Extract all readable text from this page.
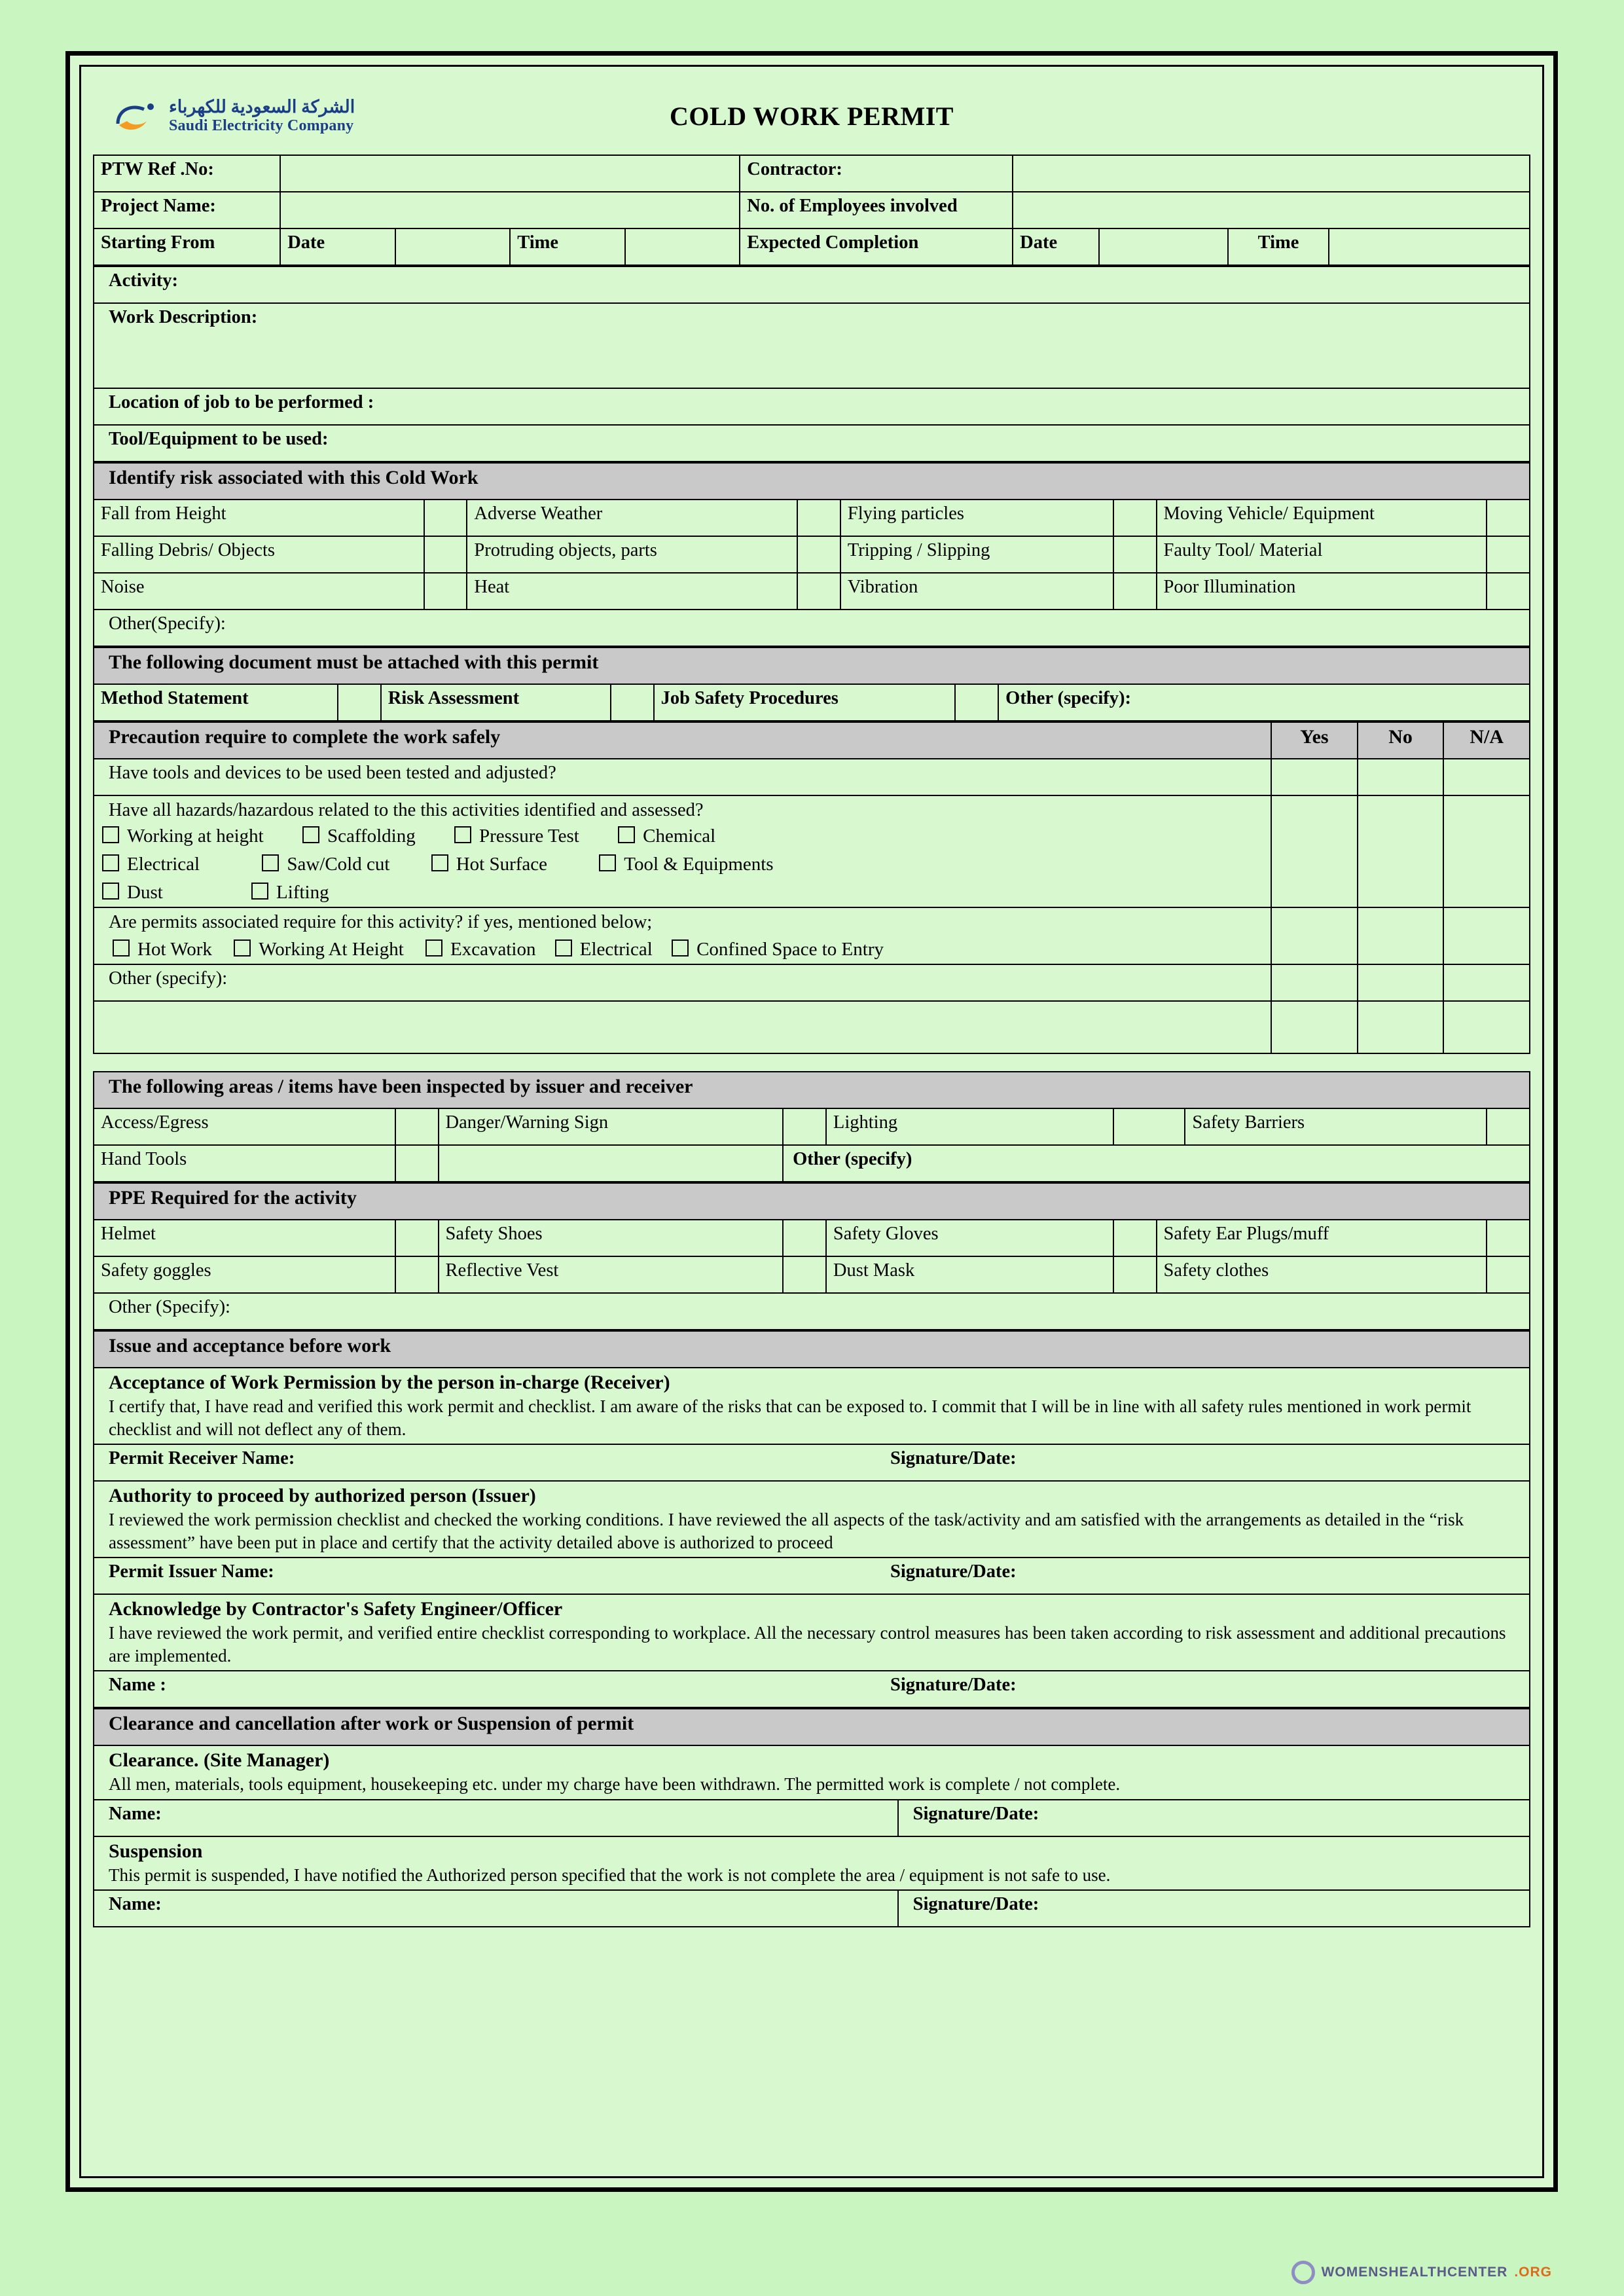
الشركة السعودية للكهرباء
Saudi Electricity Company	COLD WORK PERMIT
PTW Ref .No:					Contractor:				
Project Name:					No. of Employees involved				
Starting From	Date		Time		Expected Completion	Date		Time	
Activity:
Work Description:
Location of job to be performed :
Tool/Equipment to be used:
Identify risk associated with this Cold Work							
Fall from Height		Adverse Weather		Flying particles		Moving Vehicle/ Equipment	
Falling Debris/ Objects		Protruding objects, parts		Tripping / Slipping		Faulty Tool/ Material	
Noise		Heat		Vibration		Poor Illumination	
Other(Specify):							
The following document must be attached with this permit
Method Statement		Risk Assessment		Job Safety Procedures		Other (specify):
Precaution require to complete the work safely	Yes	No	N/A
Have tools and devices to be used been tested and adjusted?			

Have all hazards/hazardous related to the this activities identified and assessed?
Working at height Scaffolding Pressure Test Chemical
Electrical Saw/Cold cut Hot Surface Tool & Equipments
Dust Lifting			

Are permits associated require for this activity? if yes, mentioned below;
Hot Work Working At Height Excavation Electrical Confined Space to Entry			

Other (specify):			

The following areas / items have been inspected by issuer and receiver							
Access/Egress		Danger/Warning Sign		Lighting		Safety Barriers	
Hand Tools			Other (specify)				
PPE Required for the activity							
Helmet		Safety Shoes		Safety Gloves		Safety Ear Plugs/muff	
Safety goggles		Reflective Vest		Dust Mask		Safety clothes	
Other (Specify):							
Issue and acceptance before work	

Acceptance of Work Permission by the person in-charge (Receiver)
I certify that, I have read and verified this work permit and checklist. I am aware of the risks that can be exposed to. I commit that I will be in line with all safety rules mentioned in work permit checklist and will not deflect any of them.	

Permit Receiver Name:	Signature/Date:

Authority to proceed by authorized person (Issuer)
I reviewed the work permission checklist and checked the working conditions. I have reviewed the all aspects of the task/activity and am satisfied with the arrangements as detailed in the “risk assessment” have been put in place and certify that the activity detailed above is authorized to proceed	

Permit Issuer Name:	Signature/Date:

Acknowledge by Contractor's Safety Engineer/Officer
I have reviewed the work permit, and verified entire checklist corresponding to workplace. All the necessary control measures has been taken according to risk assessment and additional precautions are implemented.	

Name :	Signature/Date:
Clearance and cancellation after work or Suspension of permit	

Clearance. (Site Manager)
All men, materials, tools equipment, housekeeping etc. under my charge have been withdrawn. The permitted work is complete / not complete.	

Name:	Signature/Date:

Suspension
This permit is suspended, I have notified the Authorized person specified that the work is not complete the area / equipment is not safe to use.	

Name:	Signature/Date:
WOMENSHEALTHCENTER .ORG
